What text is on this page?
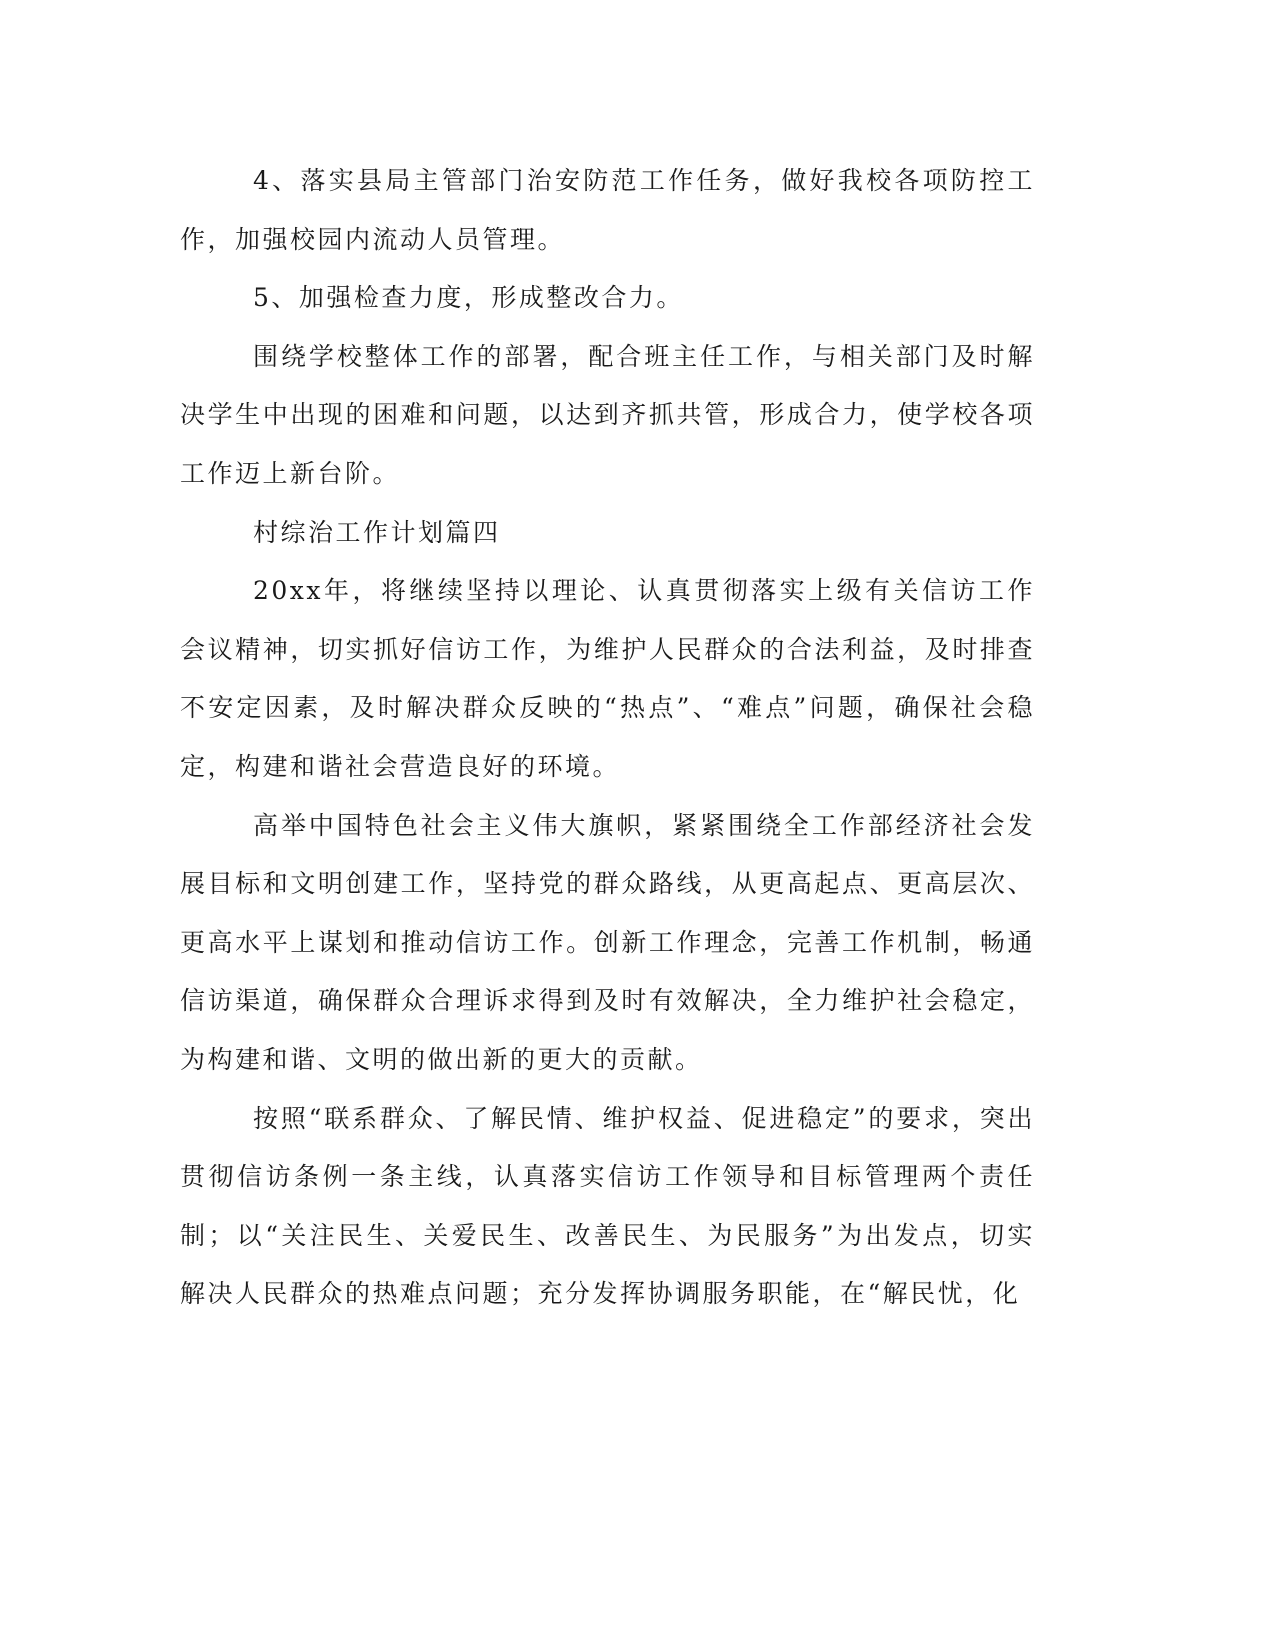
4、落实县局主管部门治安防范工作任务，做好我校各项防控工作，加强校园内流动人员管理。

5、加强检查力度，形成整改合力。

围绕学校整体工作的部署，配合班主任工作，与相关部门及时解决学生中出现的困难和问题，以达到齐抓共管，形成合力，使学校各项工作迈上新台阶。

村综治工作计划篇四

20xx年，将继续坚持以理论、认真贯彻落实上级有关信访工作会议精神，切实抓好信访工作，为维护人民群众的合法利益，及时排查不安定因素，及时解决群众反映的“热点”、“难点”问题，确保社会稳定，构建和谐社会营造良好的环境。

高举中国特色社会主义伟大旗帜，紧紧围绕全工作部经济社会发展目标和文明创建工作，坚持党的群众路线，从更高起点、更高层次、更高水平上谋划和推动信访工作。创新工作理念，完善工作机制，畅通信访渠道，确保群众合理诉求得到及时有效解决，全力维护社会稳定，为构建和谐、文明的做出新的更大的贡献。

按照“联系群众、了解民情、维护权益、促进稳定”的要求，突出贯彻信访条例一条主线，认真落实信访工作领导和目标管理两个责任制；以“关注民生、关爱民生、改善民生、为民服务”为出发点，切实解决人民群众的热难点问题；充分发挥协调服务职能，在“解民忧，化
